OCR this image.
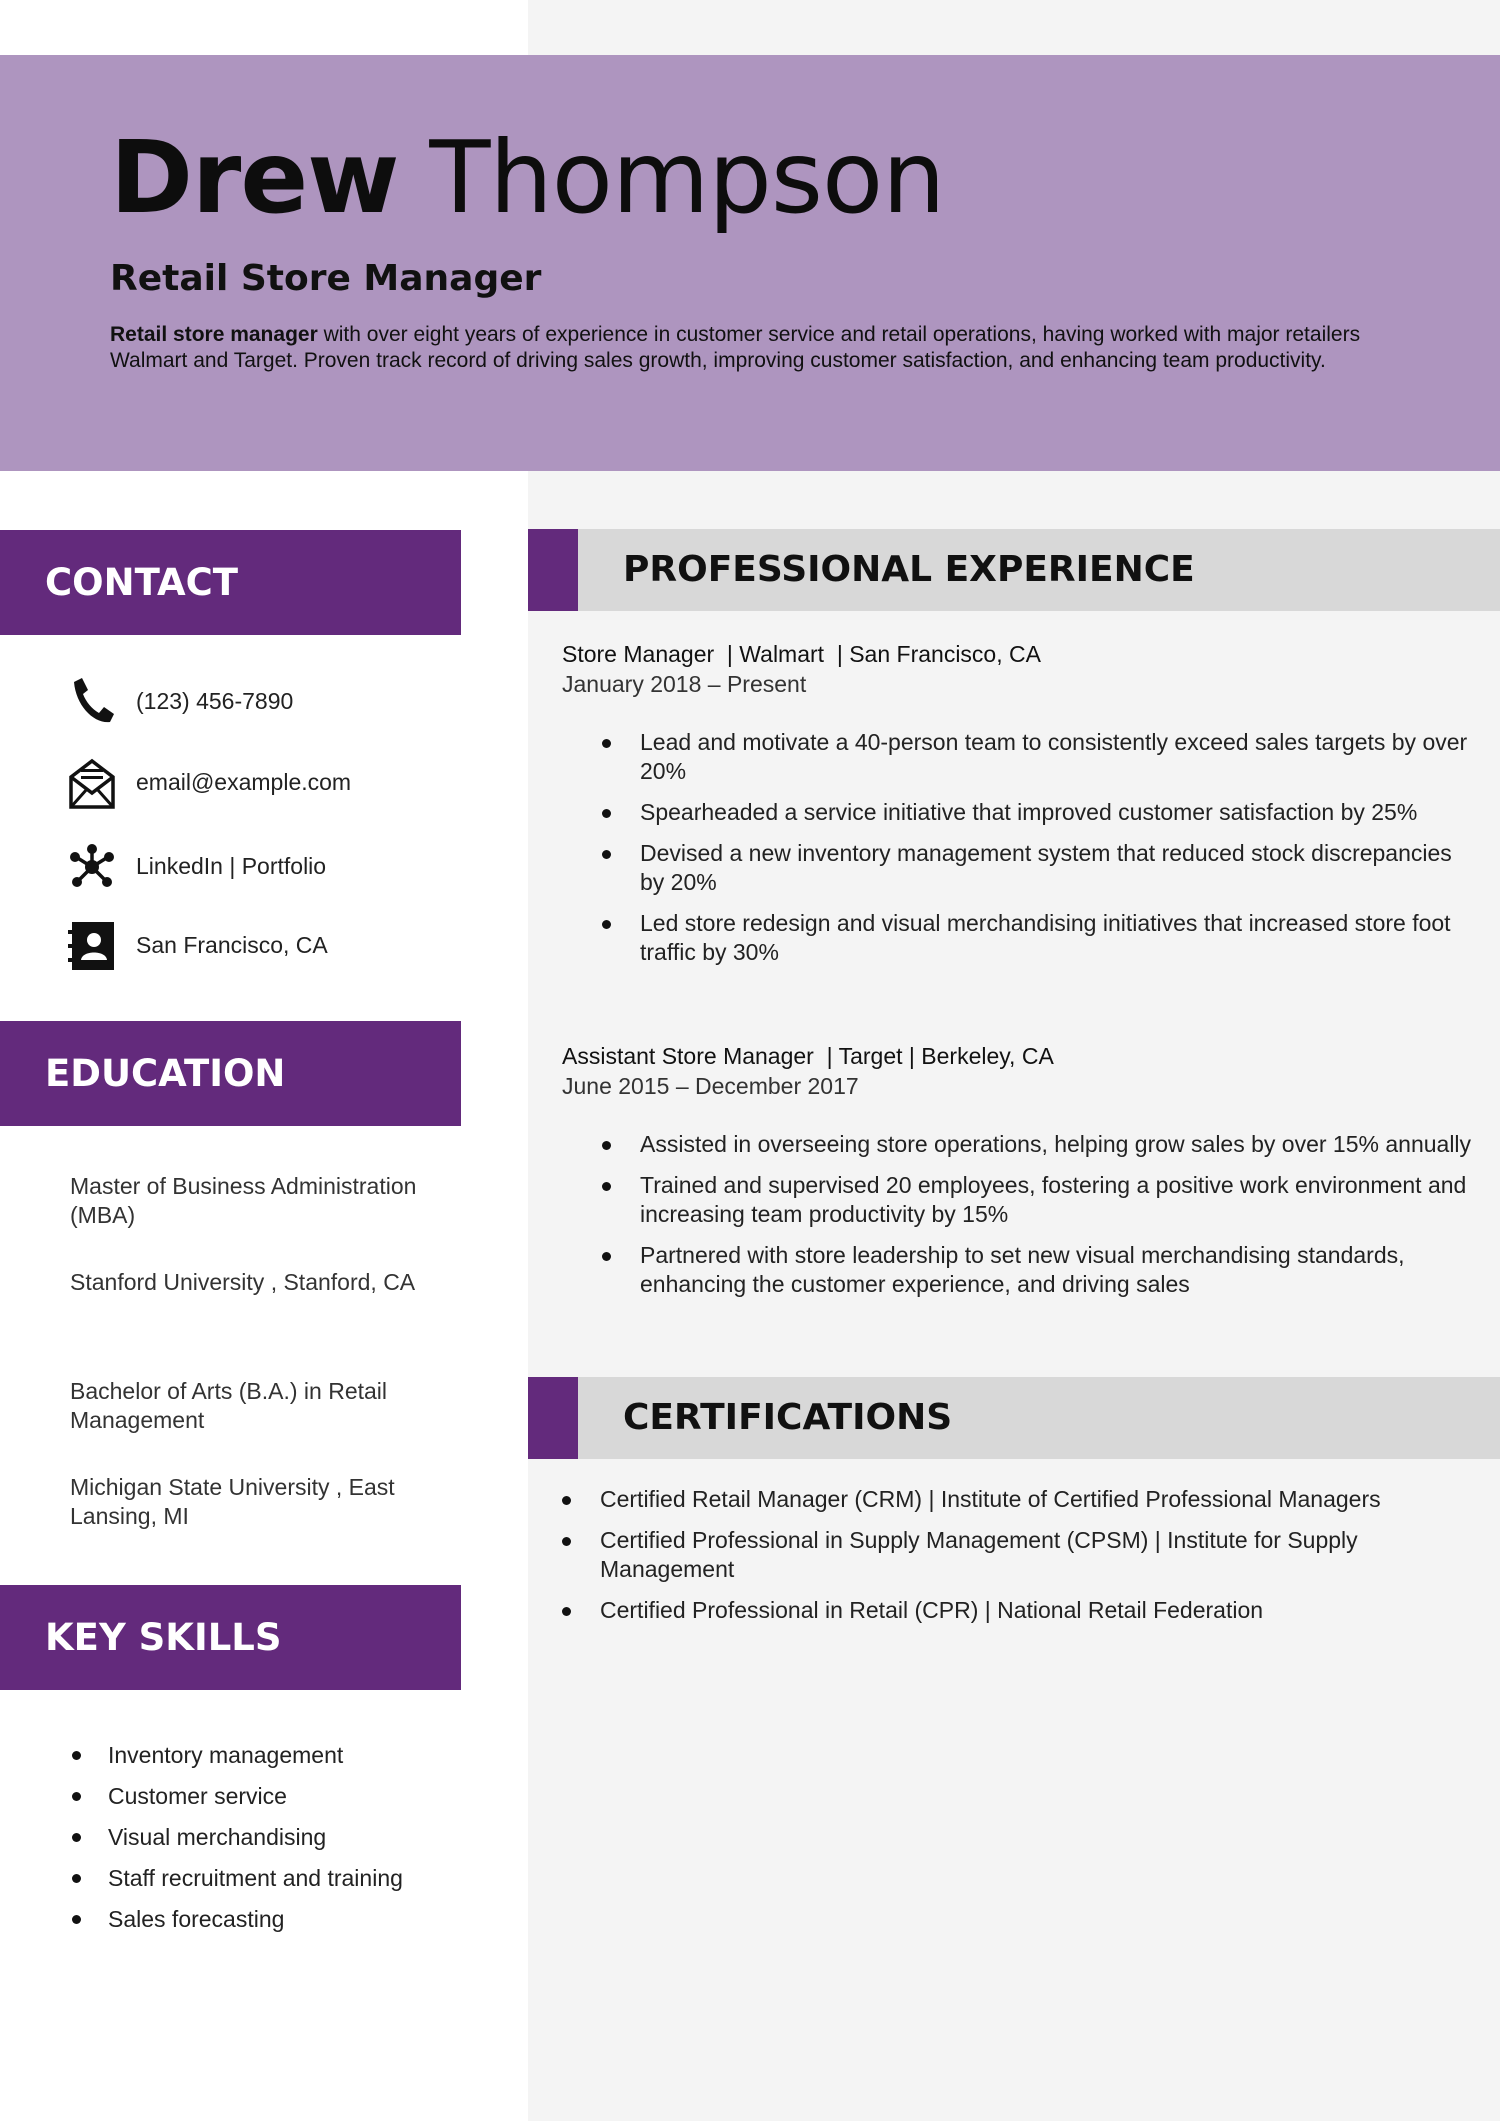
Drew Thompson
Retail Store Manager
Retail store manager with over eight years of experience in customer service and retail operations, having worked with major retailers Walmart and Target. Proven track record of driving sales growth, improving customer satisfaction, and enhancing team productivity.
CONTACT
(123) 456-7890
email@example.com
LinkedIn | Portfolio
San Francisco, CA
EDUCATION
Master of Business Administration (MBA)
Stanford University , Stanford, CA
Bachelor of Arts (B.A.) in Retail Management
Michigan State University , East Lansing, MI
KEY SKILLS
Inventory management
Customer service
Visual merchandising
Staff recruitment and training
Sales forecasting
PROFESSIONAL EXPERIENCE
Store Manager  | Walmart  | San Francisco, CA
January 2018 – Present
Lead and motivate a 40-person team to consistently exceed sales targets by over 20%
Spearheaded a service initiative that improved customer satisfaction by 25%
Devised a new inventory management system that reduced stock discrepancies by 20%
Led store redesign and visual merchandising initiatives that increased store foot traffic by 30%
Assistant Store Manager  | Target | Berkeley, CA
June 2015 – December 2017
Assisted in overseeing store operations, helping grow sales by over 15% annually
Trained and supervised 20 employees, fostering a positive work environment and increasing team productivity by 15%
Partnered with store leadership to set new visual merchandising standards, enhancing the customer experience, and driving sales
CERTIFICATIONS
Certified Retail Manager (CRM) | Institute of Certified Professional Managers
Certified Professional in Supply Management (CPSM) | Institute for Supply Management
Certified Professional in Retail (CPR) | National Retail Federation
